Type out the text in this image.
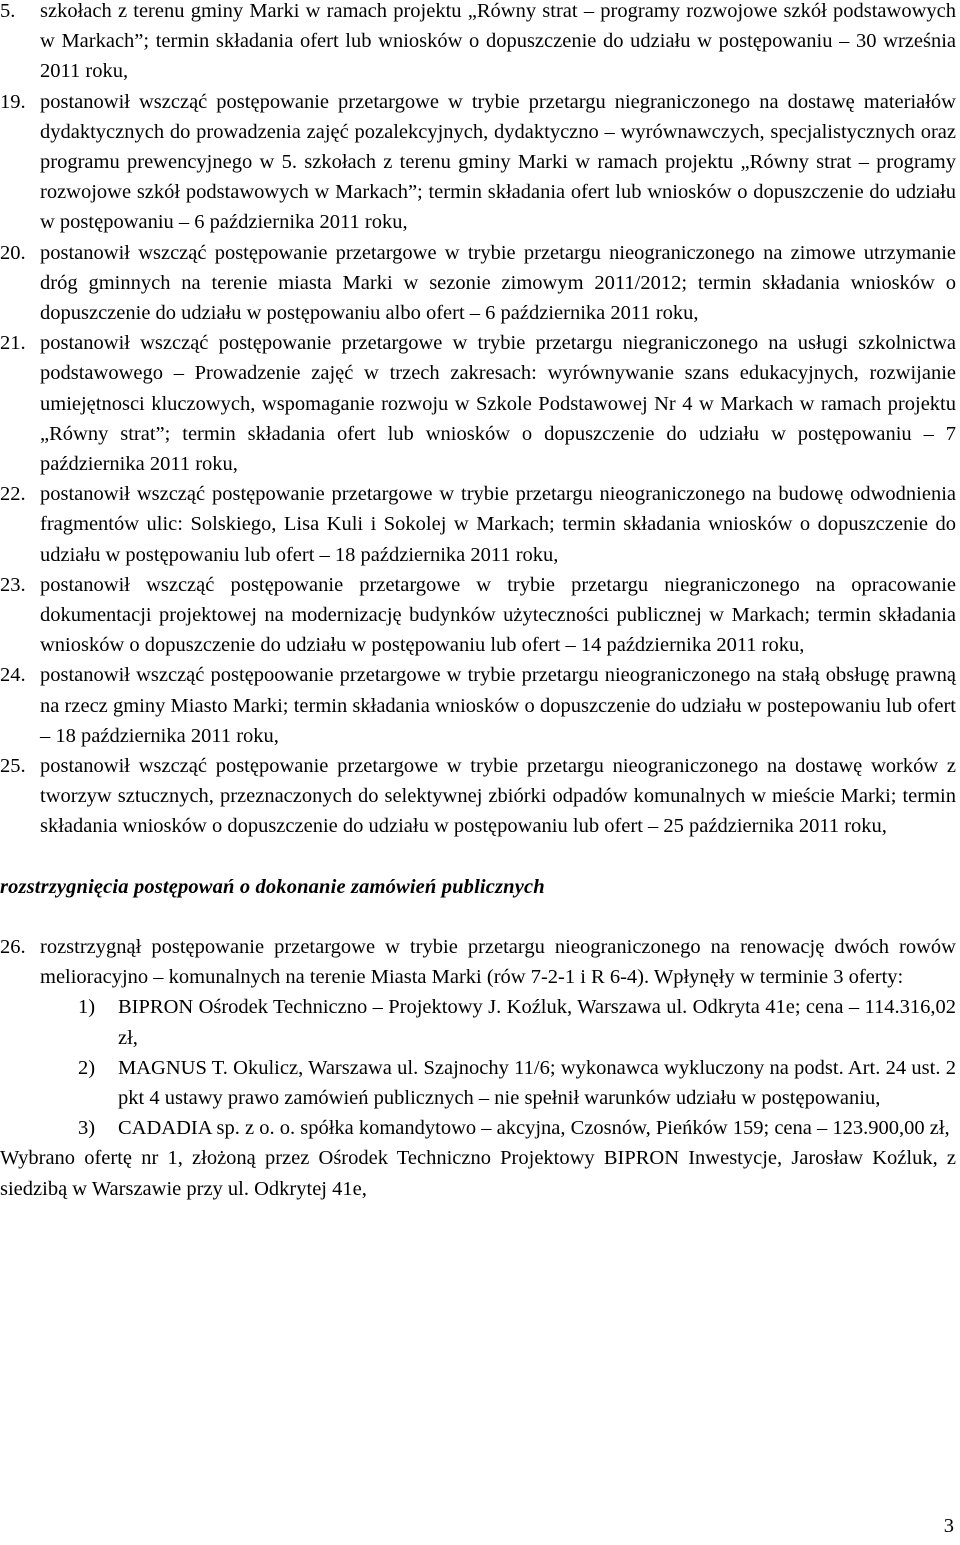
5. szkołach z terenu gminy Marki w ramach projektu „Równy strat – programy rozwojowe szkół podstawowych w Markach”; termin składania ofert lub wniosków o dopuszczenie do udziału w postępowaniu – 30 września 2011 roku,
19. postanowił wszcząć postępowanie przetargowe w trybie przetargu niegraniczonego na dostawę materiałów dydaktycznych do prowadzenia zajęć pozalekcyjnych, dydaktyczno – wyrównawczych, specjalistycznych oraz programu prewencyjnego w 5. szkołach z terenu gminy Marki w ramach projektu „Równy strat – programy rozwojowe szkół podstawowych w Markach”; termin składania ofert lub wniosków o dopuszczenie do udziału w postępowaniu – 6 października 2011 roku,
20. postanowił wszcząć postępowanie przetargowe w trybie przetargu nieograniczonego na zimowe utrzymanie dróg gminnych na terenie miasta Marki w sezonie zimowym 2011/2012; termin składania wniosków o dopuszczenie do udziału w postępowaniu albo ofert – 6 października 2011 roku,
21. postanowił wszcząć postępowanie przetargowe w trybie przetargu niegraniczonego na usługi szkolnictwa podstawowego – Prowadzenie zajęć w trzech zakresach: wyrównywanie szans edukacyjnych, rozwijanie umiejętnosci kluczowych, wspomaganie rozwoju w Szkole Podstawowej Nr 4 w Markach w ramach projektu „Równy strat”; termin składania ofert lub wniosków o dopuszczenie do udziału w postępowaniu – 7 października 2011 roku,
22. postanowił wszcząć postępowanie przetargowe w trybie przetargu nieograniczonego na budowę odwodnienia fragmentów ulic: Solskiego, Lisa Kuli i Sokolej w Markach; termin składania wniosków o dopuszczenie do udziału w postępowaniu lub ofert – 18 października 2011 roku,
23. postanowił wszcząć postępowanie przetargowe w trybie przetargu niegraniczonego na opracowanie dokumentacji projektowej na modernizację budynków użyteczności publicznej w Markach; termin składania wniosków o dopuszczenie do udziału w postępowaniu lub ofert – 14 października 2011 roku,
24. postanowił wszcząć postępoowanie przetargowe w trybie przetargu nieograniczonego na stałą obsługę prawną na rzecz gminy Miasto Marki; termin składania wniosków o dopuszczenie do udziału w postepowaniu lub ofert – 18 października 2011 roku,
25. postanowił wszcząć postępowanie przetargowe w trybie przetargu nieograniczonego na dostawę worków z tworzyw sztucznych, przeznaczonych do selektywnej zbiórki odpadów komunalnych w mieście Marki; termin składania wniosków o dopuszczenie do udziału w postępowaniu lub ofert – 25 października 2011 roku,
rozstrzygnięcia postępowań o dokonanie zamówień publicznych
26. rozstrzygnął postępowanie przetargowe w trybie przetargu nieograniczonego na renowację dwóch rowów melioracyjno – komunalnych na terenie Miasta Marki (rów 7-2-1 i R 6-4). Wpłynęły w terminie 3 oferty:
1) BIPRON Ośrodek Techniczno – Projektowy J. Koźluk, Warszawa ul. Odkryta 41e; cena – 114.316,02 zł,
2) MAGNUS T. Okulicz, Warszawa ul. Szajnochy 11/6; wykonawca wykluczony na podst. Art. 24 ust. 2 pkt 4 ustawy prawo zamówień publicznych – nie spełnił warunków udziału w postępowaniu,
3) CADADIA sp. z o. o. spółka komandytowo – akcyjna, Czosnów, Pieńków 159; cena – 123.900,00 zł,
Wybrano ofertę nr 1, złożoną przez Ośrodek Techniczno Projektowy BIPRON Inwestycje, Jarosław Koźluk, z siedzibą w Warszawie przy ul. Odkrytej 41e,
3
